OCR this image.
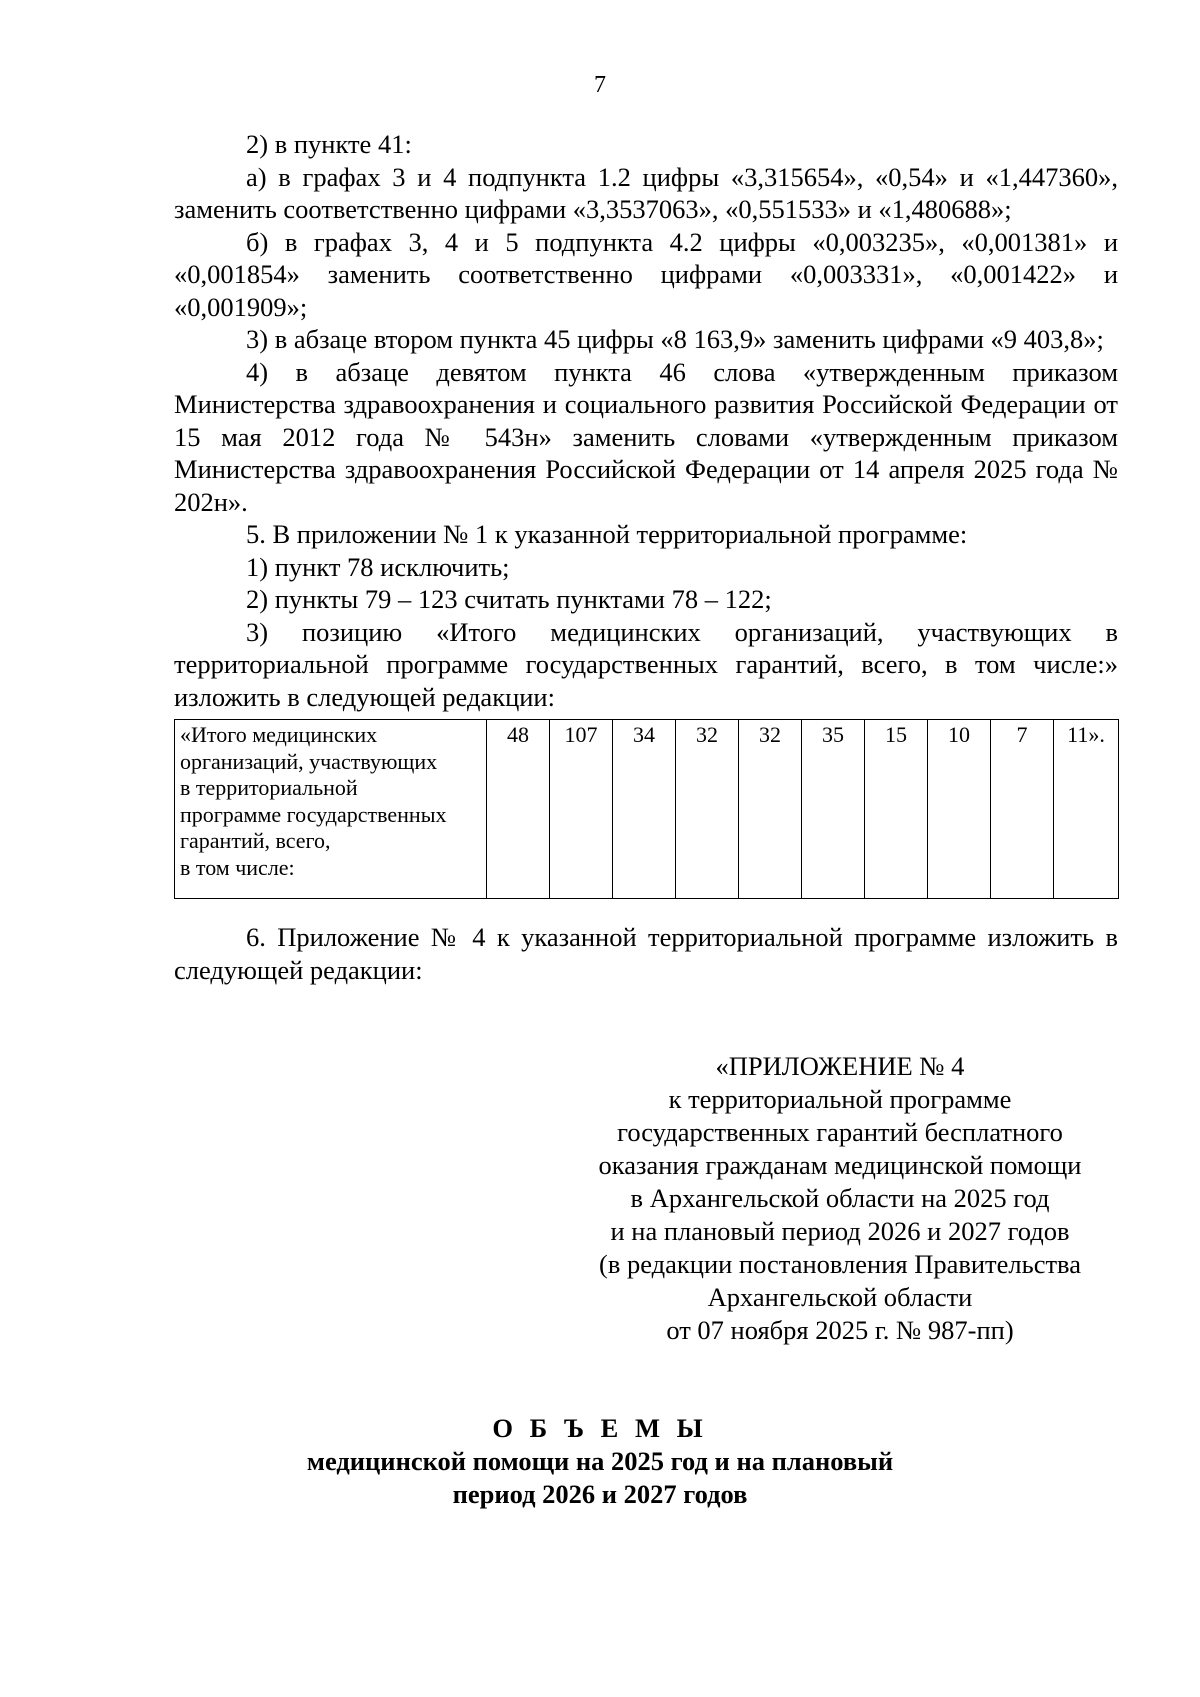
7

2) в пункте 41:

а) в графах 3 и 4 подпункта 1.2 цифры «3,315654», «0,54» и «1,447360», заменить соответственно цифрами «3,3537063», «0,551533» и «1,480688»;

б) в графах 3, 4 и 5 подпункта 4.2 цифры «0,003235», «0,001381» и «0,001854» заменить соответственно цифрами «0,003331», «0,001422» и «0,001909»;

3) в абзаце втором пункта 45 цифры «8 163,9» заменить цифрами «9 403,8»;

4) в абзаце девятом пункта 46 слова «утвержденным приказом Министерства здравоохранения и социального развития Российской Федерации от 15 мая 2012 года № 543н» заменить словами «утвержденным приказом Министерства здравоохранения Российской Федерации от 14 апреля 2025 года № 202н».

5. В приложении № 1 к указанной территориальной программе:

1) пункт 78 исключить;

2) пункты 79 – 123 считать пунктами 78 – 122;

3) позицию «Итого медицинских организаций, участвующих в территориальной программе государственных гарантий, всего, в том числе:» изложить в следующей редакции:

«Итого медицинских
организаций, участвующих
в территориальной
программе государственных
гарантий, всего,
в том числе:	48	107	34	32	32	35	15	10	7	11».

6. Приложение № 4 к указанной территориальной программе изложить в следующей редакции:

«ПРИЛОЖЕНИЕ № 4
к территориальной программе
государственных гарантий бесплатного
оказания гражданам медицинской помощи
в Архангельской области на 2025 год
и на плановый период 2026 и 2027 годов
(в редакции постановления Правительства
Архангельской области
от 07 ноября 2025 г. № 987-пп)
О Б Ъ Е М Ы
медицинской помощи на 2025 год и на плановый
период 2026 и 2027 годов
